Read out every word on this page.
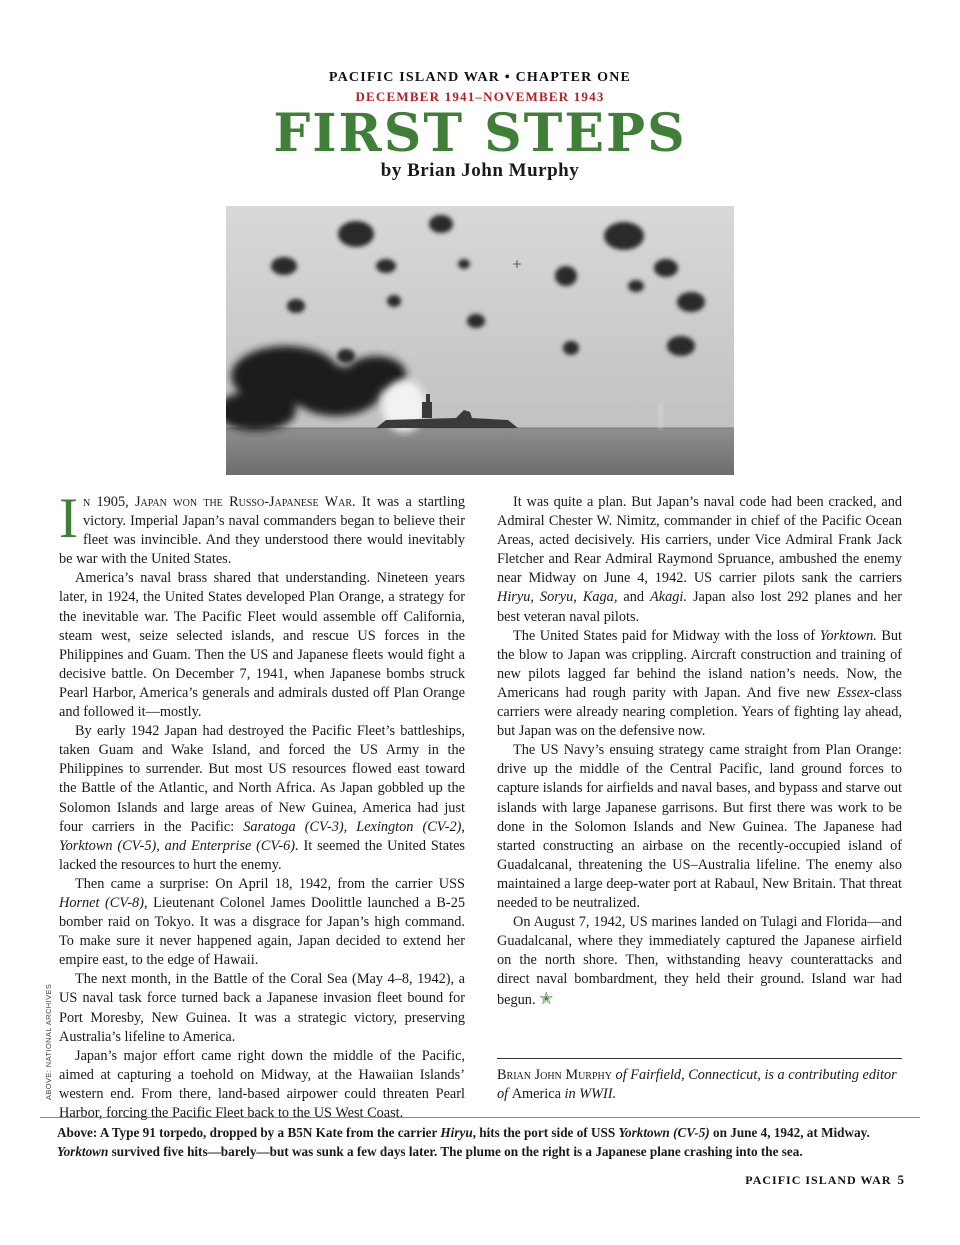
PACIFIC ISLAND WAR • CHAPTER ONE
DECEMBER 1941–NOVEMBER 1943
FIRST STEPS
by Brian John Murphy
+
ABOVE: NATIONAL ARCHIVES

In 1905, Japan won the Russo-Japanese War. It was a startling victory. Imperial Japan’s naval commanders began to believe their fleet was invincible. And they understood there would inevitably be war with the United States.

America’s naval brass shared that understanding. Nineteen years later, in 1924, the United States developed Plan Orange, a strategy for the inevitable war. The Pacific Fleet would assemble off California, steam west, seize selected islands, and rescue US forces in the Philippines and Guam. Then the US and Japanese fleets would fight a decisive battle. On December 7, 1941, when Japanese bombs struck Pearl Harbor, America’s generals and admirals dusted off Plan Orange and followed it—mostly.

By early 1942 Japan had destroyed the Pacific Fleet’s battleships, taken Guam and Wake Island, and forced the US Army in the Philippines to surrender. But most US resources flowed east toward the Battle of the Atlantic, and North Africa. As Japan gobbled up the Solomon Islands and large areas of New Guinea, America had just four carriers in the Pacific: Saratoga (CV-3), Lexington (CV-2), Yorktown (CV-5), and Enterprise (CV-6). It seemed the United States lacked the resources to hurt the enemy.

Then came a surprise: On April 18, 1942, from the carrier USS Hornet (CV-8), Lieutenant Colonel James Doolittle launched a B-25 bomber raid on Tokyo. It was a disgrace for Japan’s high command. To make sure it never happened again, Japan decided to extend her empire east, to the edge of Hawaii.

The next month, in the Battle of the Coral Sea (May 4–8, 1942), a US naval task force turned back a Japanese invasion fleet bound for Port Moresby, New Guinea. It was a strategic victory, preserving Australia’s lifeline to America.

Japan’s major effort came right down the middle of the Pacific, aimed at capturing a toehold on Midway, at the Hawaiian Islands’ western end. From there, land-based airpower could threaten Pearl Harbor, forcing the Pacific Fleet back to the US West Coast.

It was quite a plan. But Japan’s naval code had been cracked, and Admiral Chester W. Nimitz, commander in chief of the Pacific Ocean Areas, acted decisively. His carriers, under Vice Admiral Frank Jack Fletcher and Rear Admiral Raymond Spruance, ambushed the enemy near Midway on June 4, 1942. US carrier pilots sank the carriers Hiryu, Soryu, Kaga, and Akagi. Japan also lost 292 planes and her best veteran naval pilots.

The United States paid for Midway with the loss of Yorktown. But the blow to Japan was crippling. Aircraft construction and training of new pilots lagged far behind the island nation’s needs. Now, the Americans had rough parity with Japan. And five new Essex-class carriers were already nearing completion. Years of fighting lay ahead, but Japan was on the defensive now.

The US Navy’s ensuing strategy came straight from Plan Orange: drive up the middle of the Central Pacific, land ground forces to capture islands for airfields and naval bases, and bypass and starve out islands with large Japanese garrisons. But first there was work to be done in the Solomon Islands and New Guinea. The Japanese had started constructing an airbase on the recently-occupied island of Guadalcanal, threatening the US–Australia lifeline. The enemy also maintained a large deep-water port at Rabaul, New Britain. That threat needed to be neutralized.

On August 7, 1942, US marines landed on Tulagi and Florida—and Guadalcanal, where they immediately captured the Japanese airfield on the north shore. Then, withstanding heavy counterattacks and direct naval bombardment, they held their ground. Island war had begun. ✭

Brian John Murphy of Fairfield, Connecticut, is a contributing editor of America in WWII.
Above: A Type 91 torpedo, dropped by a B5N Kate from the carrier Hiryu, hits the port side of USS Yorktown (CV-5) on June 4, 1942, at Midway. Yorktown survived five hits—barely—but was sunk a few days later. The plume on the right is a Japanese plane crashing into the sea.
PACIFIC ISLAND WAR 5
